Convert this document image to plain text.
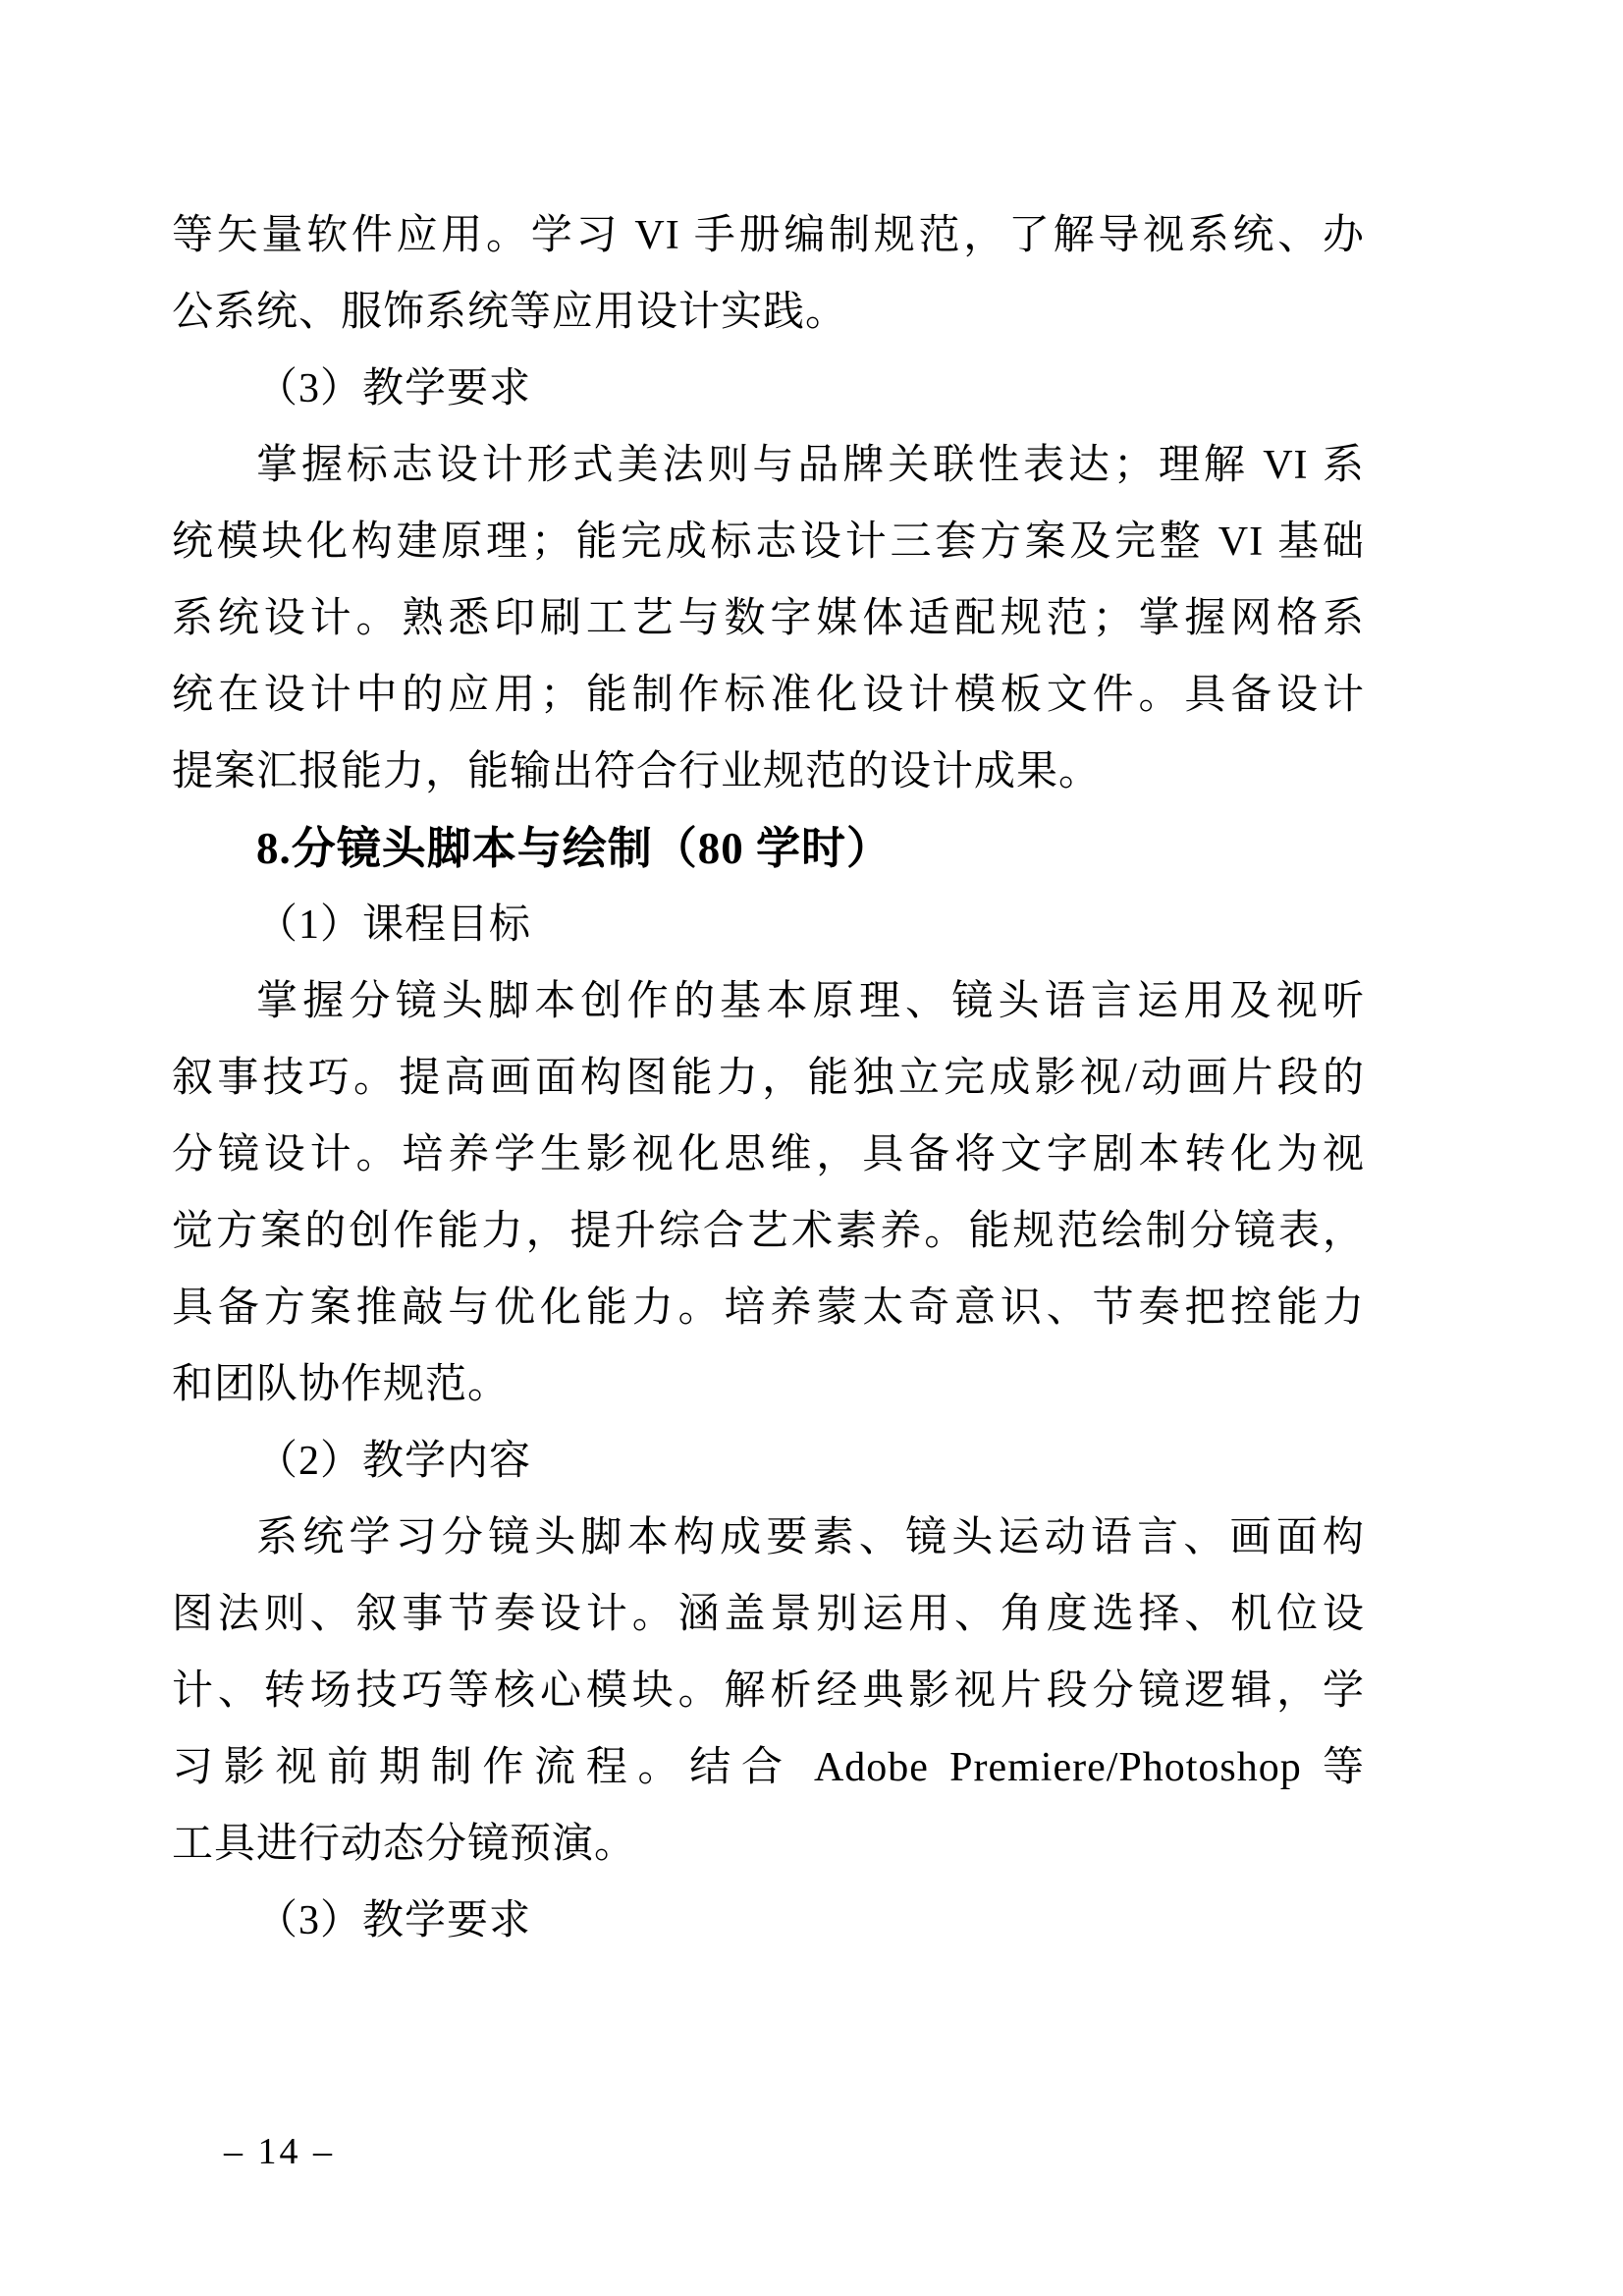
等矢量软件应用。学习 VI 手册编制规范，了解导视系统、办
公系统、服饰系统等应用设计实践。
（3）教学要求
掌握标志设计形式美法则与品牌关联性表达；理解 VI 系
统模块化构建原理；能完成标志设计三套方案及完整 VI 基础
系统设计。熟悉印刷工艺与数字媒体适配规范；掌握网格系
统在设计中的应用；能制作标准化设计模板文件。具备设计
提案汇报能力，能输出符合行业规范的设计成果。
8.分镜头脚本与绘制（80 学时）
（1）课程目标
掌握分镜头脚本创作的基本原理、镜头语言运用及视听
叙事技巧。提高画面构图能力，能独立完成影视/动画片段的
分镜设计。培养学生影视化思维，具备将文字剧本转化为视
觉方案的创作能力，提升综合艺术素养。能规范绘制分镜表，
具备方案推敲与优化能力。培养蒙太奇意识、节奏把控能力
和团队协作规范。
（2）教学内容
系统学习分镜头脚本构成要素、镜头运动语言、画面构
图法则、叙事节奏设计。涵盖景别运用、角度选择、机位设
计、转场技巧等核心模块。解析经典影视片段分镜逻辑，学
习影视前期制作流程。结合 Adobe Premiere/Photoshop 等
工具进行动态分镜预演。
（3）教学要求
– 14 –
